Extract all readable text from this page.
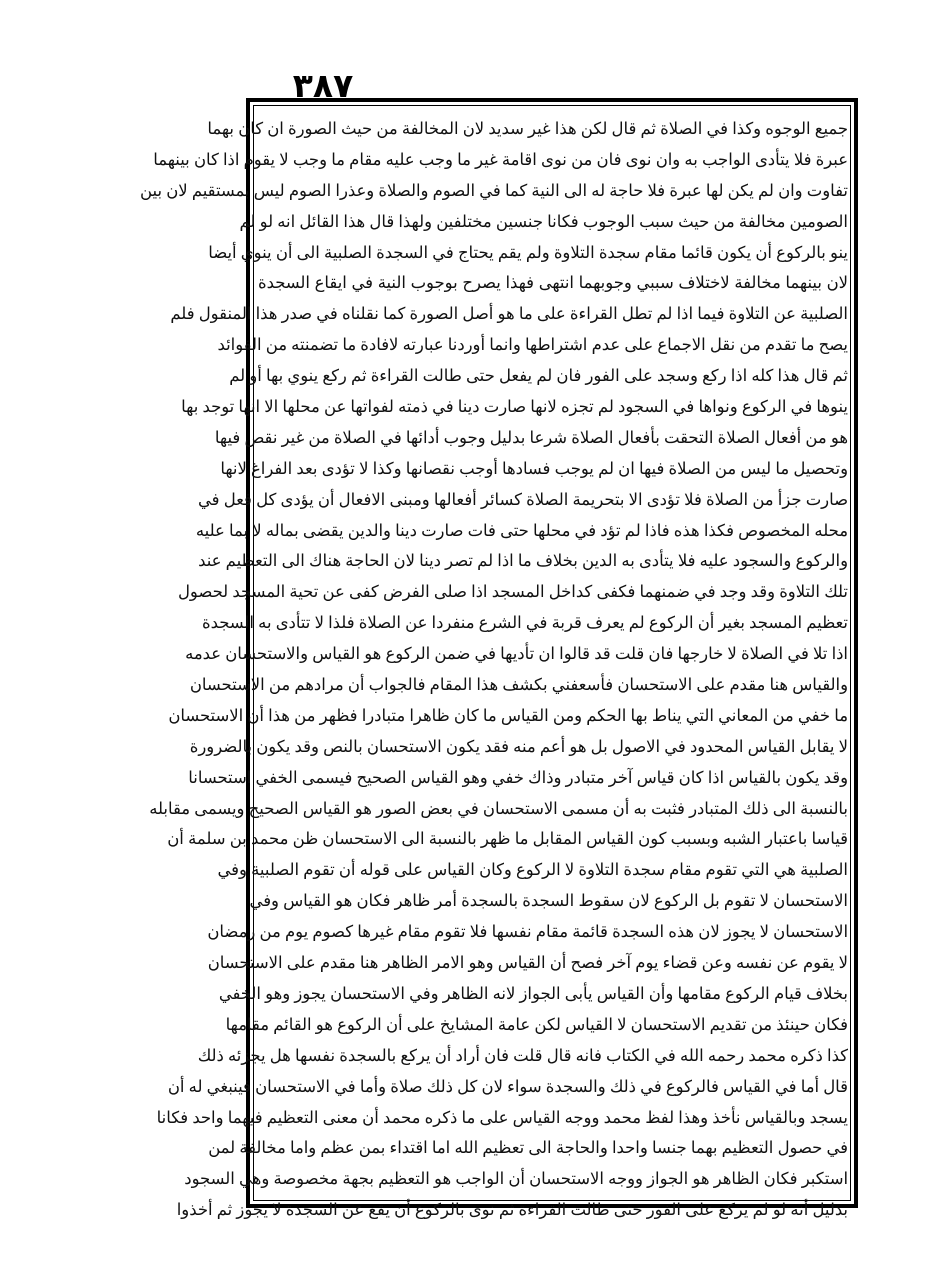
٣٨٧
جميع الوجوه وكذا في الصلاة ثم قال لكن هذا غير سديد لان المخالفة من حيث الصورة ان كان بهما
عبرة فلا يتأدى الواجب به وان نوى فان من نوى اقامة غير ما وجب عليه مقام ما وجب لا يقوم اذا كان بينهما
تفاوت وان لم يكن لها عبرة فلا حاجة له الى النية كما في الصوم والصلاة وعذرا الصوم ليس بمستقيم لان بين
الصومين مخالفة من حيث سبب الوجوب فكانا جنسين مختلفين ولهذا قال هذا القائل انه لو لم
ينو بالركوع أن يكون قائما مقام سجدة التلاوة ولم يقم يحتاج في السجدة الصلبية الى أن ينوي أيضا
لان بينهما مخالفة لاختلاف سببي وجوبهما انتهى فهذا يصرح بوجوب النية في ايقاع السجدة
الصلبية عن التلاوة فيما اذا لم تطل القراءة على ما هو أصل الصورة كما نقلناه في صدر هذا المنقول فلم
يصح ما تقدم من نقل الاجماع على عدم اشتراطها وانما أوردنا عبارته لافادة ما تضمنته من الفوائد
ثم قال هذا كله اذا ركع وسجد على الفور فان لم يفعل حتى طالت القراءة ثم ركع ينوي بها أو لم
ينوها في الركوع ونواها في السجود لم تجزه لانها صارت دينا في ذمته لفواتها عن محلها الا انها توجد بها
هو من أفعال الصلاة التحقت بأفعال الصلاة شرعا بدليل وجوب أدائها في الصلاة من غير نقص فيها
وتحصيل ما ليس من الصلاة فيها ان لم يوجب فسادها أوجب نقصانها وكذا لا تؤدى بعد الفراغ لانها
صارت جزأ من الصلاة فلا تؤدى الا بتحريمة الصلاة كسائر أفعالها ومبنى الافعال أن يؤدى كل فعل في
محله المخصوص فكذا هذه فاذا لم تؤد في محلها حتى فات صارت دينا والدين يقضى بماله لا بما عليه
والركوع والسجود عليه فلا يتأدى به الدين بخلاف ما اذا لم تصر دينا لان الحاجة هناك الى التعظيم عند
تلك التلاوة وقد وجد في ضمنهما فكفى كداخل المسجد اذا صلى الفرض كفى عن تحية المسجد لحصول
تعظيم المسجد بغير أن الركوع لم يعرف قربة في الشرع منفردا عن الصلاة فلذا لا تتأدى به السجدة
اذا تلا في الصلاة لا خارجها فان قلت قد قالوا ان تأديها في ضمن الركوع هو القياس والاستحسان عدمه
والقياس هنا مقدم على الاستحسان فأسعفني بكشف هذا المقام فالجواب أن مرادهم من الاستحسان
ما خفي من المعاني التي يناط بها الحكم ومن القياس ما كان ظاهرا متبادرا فظهر من هذا أن الاستحسان
لا يقابل القياس المحدود في الاصول بل هو أعم منه فقد يكون الاستحسان بالنص وقد يكون بالضرورة
وقد يكون بالقياس اذا كان قياس آخر متبادر وذاك خفي وهو القياس الصحيح فيسمى الخفي استحسانا
بالنسبة الى ذلك المتبادر فثبت به أن مسمى الاستحسان في بعض الصور هو القياس الصحيح ويسمى مقابله
قياسا باعتبار الشبه وبسبب كون القياس المقابل ما ظهر بالنسبة الى الاستحسان ظن محمد بن سلمة أن
الصلبية هي التي تقوم مقام سجدة التلاوة لا الركوع وكان القياس على قوله أن تقوم الصلبية وفي
الاستحسان لا تقوم بل الركوع لان سقوط السجدة بالسجدة أمر ظاهر فكان هو القياس وفي
الاستحسان لا يجوز لان هذه السجدة قائمة مقام نفسها فلا تقوم مقام غيرها كصوم يوم من رمضان
لا يقوم عن نفسه وعن قضاء يوم آخر فصح أن القياس وهو الامر الظاهر هنا مقدم على الاستحسان
بخلاف قيام الركوع مقامها وأن القياس يأبى الجواز لانه الظاهر وفي الاستحسان يجوز وهو الخفي
فكان حينئذ من تقديم الاستحسان لا القياس لكن عامة المشايخ على أن الركوع هو القائم مقامها
كذا ذكره محمد رحمه الله في الكتاب فانه قال قلت فان أراد أن يركع بالسجدة نفسها هل يجزئه ذلك
قال أما في القياس فالركوع في ذلك والسجدة سواء لان كل ذلك صلاة وأما في الاستحسان فينبغي له أن
يسجد وبالقياس نأخذ وهذا لفظ محمد ووجه القياس على ما ذكره محمد أن معنى التعظيم فيهما واحد فكانا
في حصول التعظيم بهما جنسا واحدا والحاجة الى تعظيم الله اما اقتداء بمن عظم واما مخالفة لمن
استكبر فكان الظاهر هو الجواز ووجه الاستحسان أن الواجب هو التعظيم بجهة مخصوصة وهي السجود
بدليل أنه لو لم يركع على الفور حتى طالت القراءة ثم نوى بالركوع أن يقع عن السجدة لا يجوز ثم أخذوا
